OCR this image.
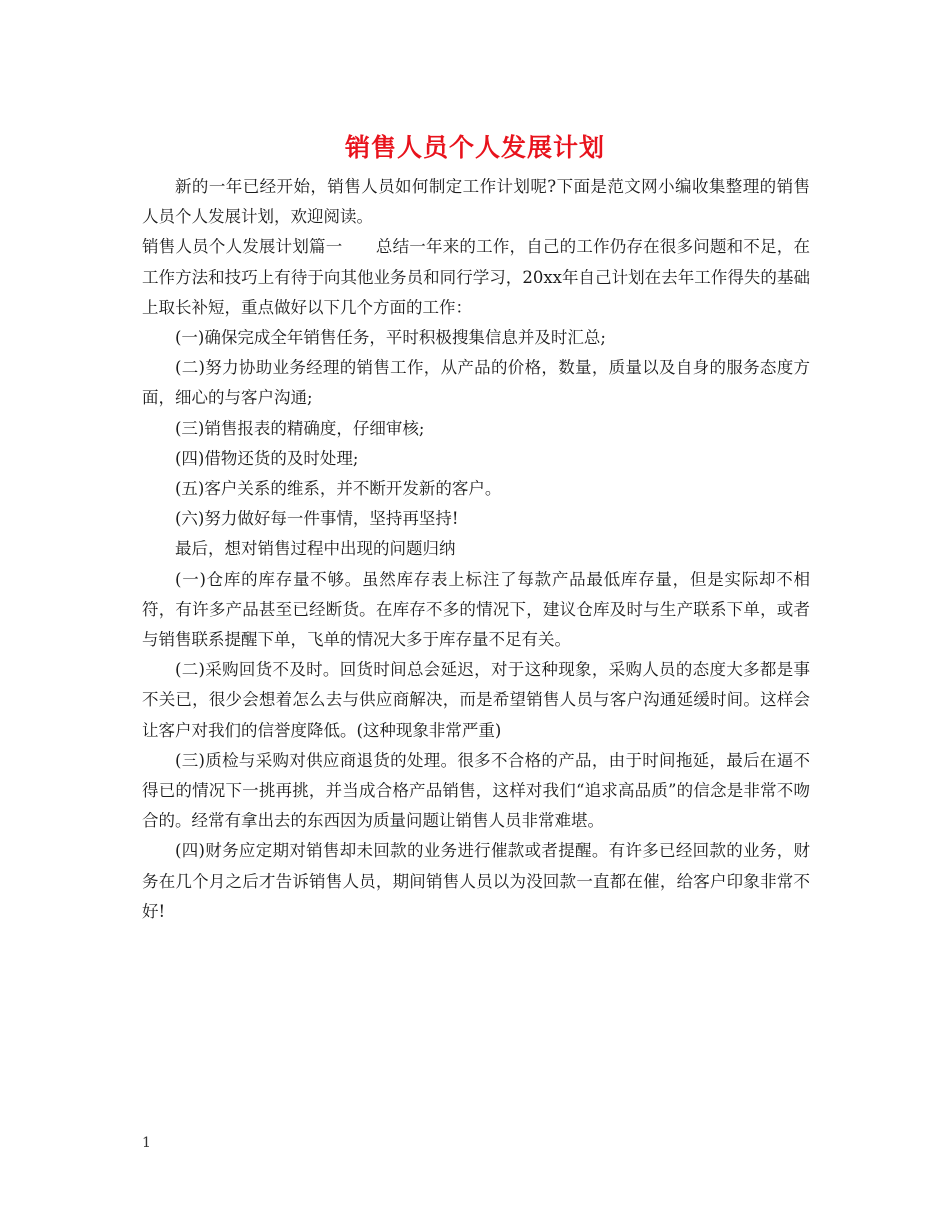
销售人员个人发展计划

新的一年已经开始，销售人员如何制定工作计划呢?下面是范文网小编收集整理的销售人员个人发展计划，欢迎阅读。

销售人员个人发展计划篇一　　总结一年来的工作，自己的工作仍存在很多问题和不足，在工作方法和技巧上有待于向其他业务员和同行学习，20xx年自己计划在去年工作得失的基础上取长补短，重点做好以下几个方面的工作：

(一)确保完成全年销售任务，平时积极搜集信息并及时汇总;

(二)努力协助业务经理的销售工作，从产品的价格，数量，质量以及自身的服务态度方面，细心的与客户沟通;

(三)销售报表的精确度，仔细审核;

(四)借物还货的及时处理;

(五)客户关系的维系，并不断开发新的客户。

(六)努力做好每一件事情，坚持再坚持!

最后，想对销售过程中出现的问题归纳

(一)仓库的库存量不够。虽然库存表上标注了每款产品最低库存量，但是实际却不相符，有许多产品甚至已经断货。在库存不多的情况下，建议仓库及时与生产联系下单，或者与销售联系提醒下单，飞单的情况大多于库存量不足有关。

(二)采购回货不及时。回货时间总会延迟，对于这种现象，采购人员的态度大多都是事不关已，很少会想着怎么去与供应商解决，而是希望销售人员与客户沟通延缓时间。这样会让客户对我们的信誉度降低。(这种现象非常严重)

(三)质检与采购对供应商退货的处理。很多不合格的产品，由于时间拖延，最后在逼不得已的情况下一挑再挑，并当成合格产品销售，这样对我们“追求高品质”的信念是非常不吻合的。经常有拿出去的东西因为质量问题让销售人员非常难堪。

(四)财务应定期对销售却未回款的业务进行催款或者提醒。有许多已经回款的业务，财务在几个月之后才告诉销售人员，期间销售人员以为没回款一直都在催，给客户印象非常不好!

1
